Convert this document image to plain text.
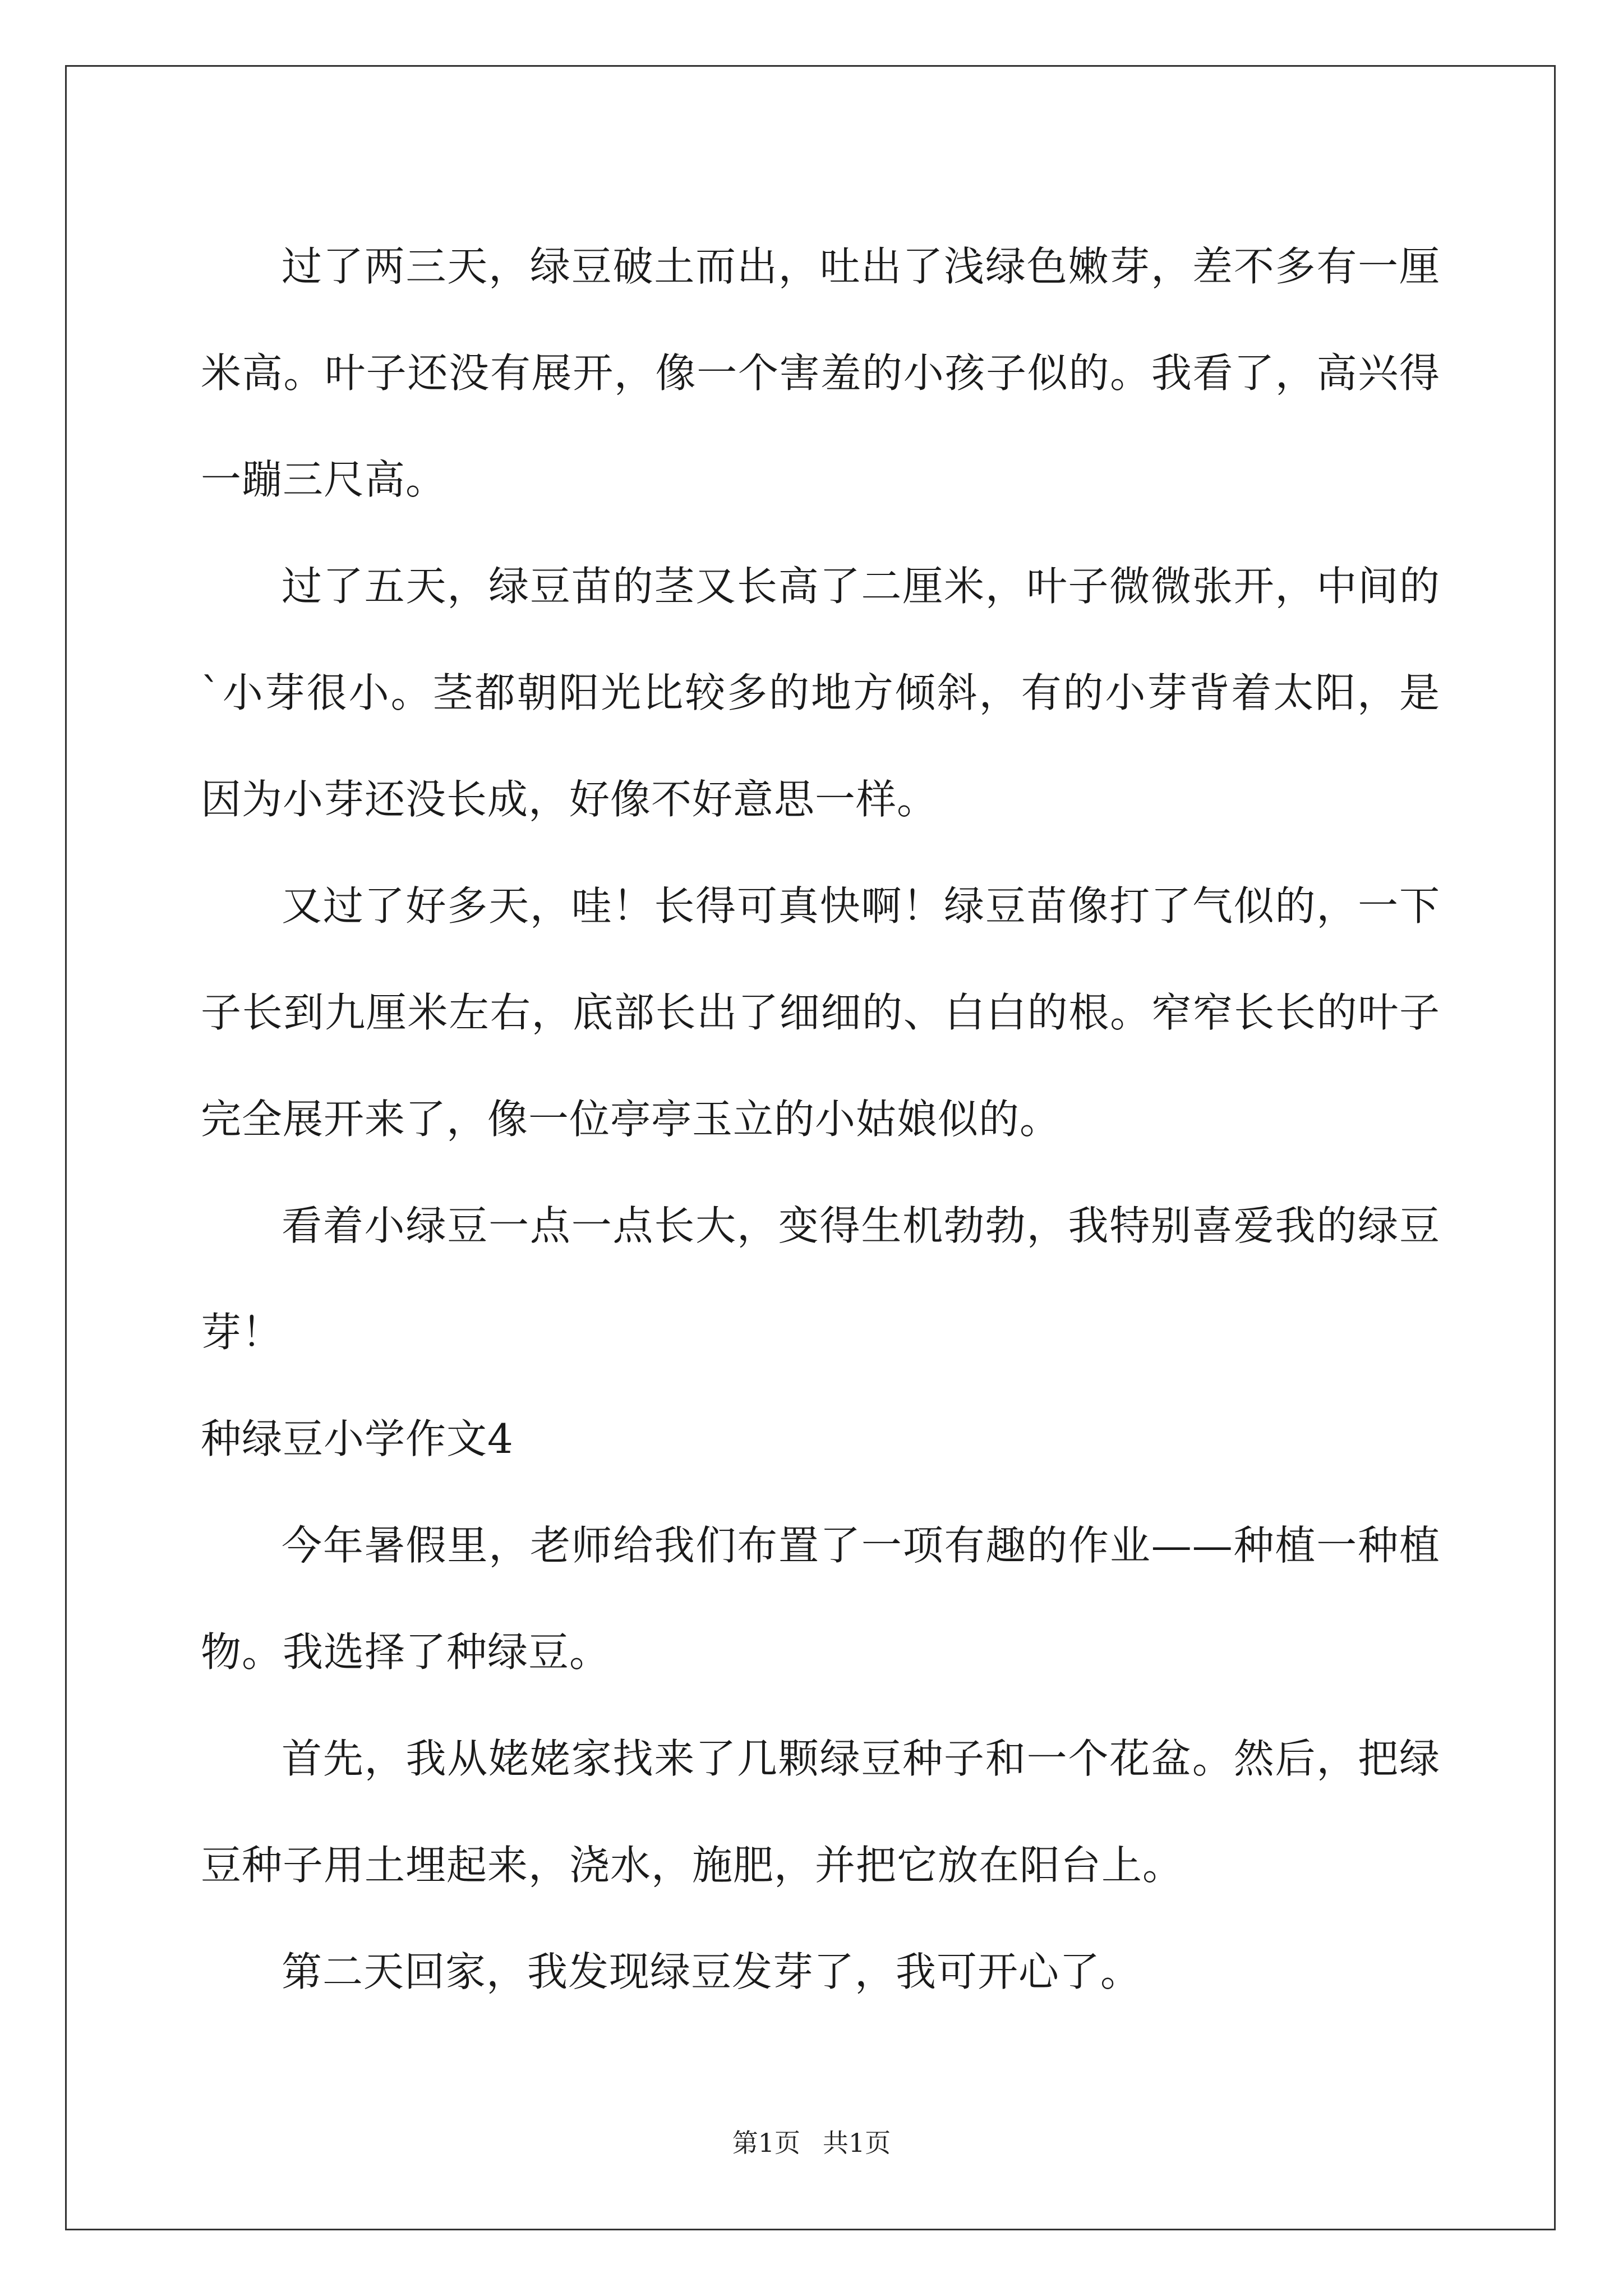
过了两三天，绿豆破土而出，吐出了浅绿色嫩芽，差不多有一厘米高。叶子还没有展开，像一个害羞的小孩子似的。我看了，高兴得一蹦三尺高。

过了五天，绿豆苗的茎又长高了二厘米，叶子微微张开，中间的`小芽很小。茎都朝阳光比较多的地方倾斜，有的小芽背着太阳，是因为小芽还没长成，好像不好意思一样。

又过了好多天，哇！长得可真快啊！绿豆苗像打了气似的，一下子长到九厘米左右，底部长出了细细的、白白的根。窄窄长长的叶子完全展开来了，像一位亭亭玉立的小姑娘似的。

看着小绿豆一点一点长大，变得生机勃勃，我特别喜爱我的绿豆芽！

种绿豆小学作文4

今年暑假里，老师给我们布置了一项有趣的作业——种植一种植物。我选择了种绿豆。

首先，我从姥姥家找来了几颗绿豆种子和一个花盆。然后，把绿豆种子用土埋起来，浇水，施肥，并把它放在阳台上。

第二天回家，我发现绿豆发芽了，我可开心了。

第1页 共1页
